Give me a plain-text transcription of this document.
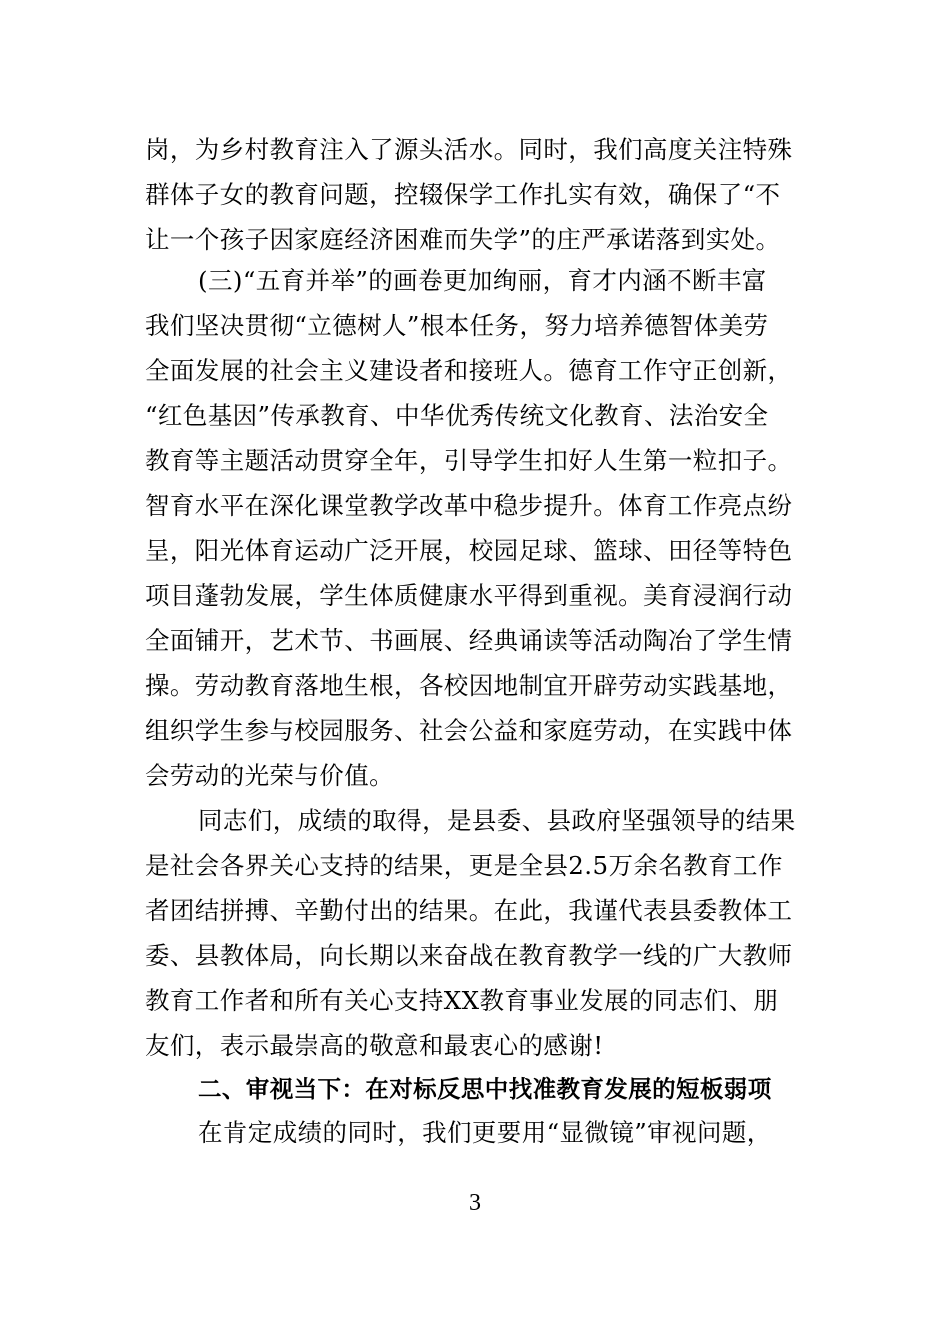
岗，为乡村教育注入了源头活水。同时，我们高度关注特殊
群体子女的教育问题，控辍保学工作扎实有效，确保了“不
让一个孩子因家庭经济困难而失学”的庄严承诺落到实处。
(三)“五育并举”的画卷更加绚丽，育才内涵不断丰富
我们坚决贯彻“立德树人”根本任务，努力培养德智体美劳
全面发展的社会主义建设者和接班人。德育工作守正创新，
“红色基因”传承教育、中华优秀传统文化教育、法治安全
教育等主题活动贯穿全年，引导学生扣好人生第一粒扣子。
智育水平在深化课堂教学改革中稳步提升。体育工作亮点纷
呈，阳光体育运动广泛开展，校园足球、篮球、田径等特色
项目蓬勃发展，学生体质健康水平得到重视。美育浸润行动
全面铺开，艺术节、书画展、经典诵读等活动陶冶了学生情
操。劳动教育落地生根，各校因地制宜开辟劳动实践基地，
组织学生参与校园服务、社会公益和家庭劳动，在实践中体
会劳动的光荣与价值。
同志们，成绩的取得，是县委、县政府坚强领导的结果
是社会各界关心支持的结果，更是全县2.5万余名教育工作
者团结拼搏、辛勤付出的结果。在此，我谨代表县委教体工
委、县教体局，向长期以来奋战在教育教学一线的广大教师
教育工作者和所有关心支持XX教育事业发展的同志们、朋
友们，表示最崇高的敬意和最衷心的感谢!
二、审视当下：在对标反思中找准教育发展的短板弱项
在肯定成绩的同时，我们更要用“显微镜”审视问题，
3
